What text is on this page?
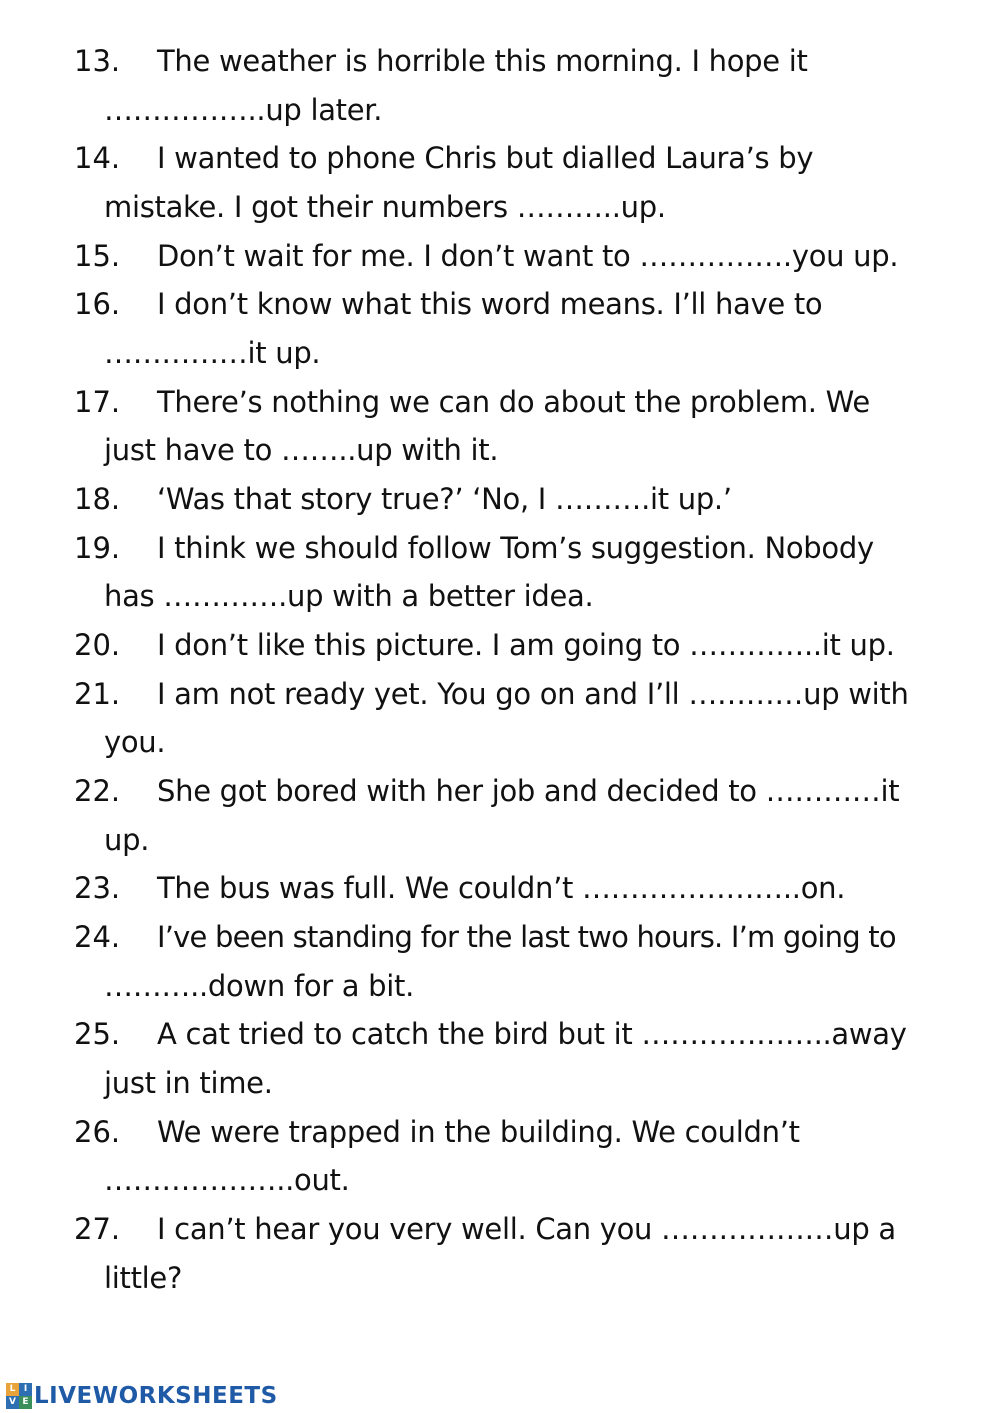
13. The weather is horrible this morning. I hope it
……………..up later.
14. I wanted to phone Chris but dialled Laura’s by
mistake. I got their numbers ………..up.
15. Don’t wait for me. I don’t want to …………….you up.
16. I don’t know what this word means. I’ll have to
……………it up.
17. There’s nothing we can do about the problem. We
just have to ……..up with it.
18. ‘Was that story true?’ ‘No, I ……….it up.’
19. I think we should follow Tom’s suggestion. Nobody
has ………….up with a better idea.
20. I don’t like this picture. I am going to …………..it up.
21. I am not ready yet. You go on and I’ll …………up with
you.
22. She got bored with her job and decided to …………it
up.
23. The bus was full. We couldn’t …………………..on.
24. I’ve been standing for the last two hours. I’m going to
………..down for a bit.
25. A cat tried to catch the bird but it ………………..away
just in time.
26. We were trapped in the building. We couldn’t
………………..out.
27. I can’t hear you very well. Can you ………………up a
little?
L I
V E LIVEWORKSHEETS
